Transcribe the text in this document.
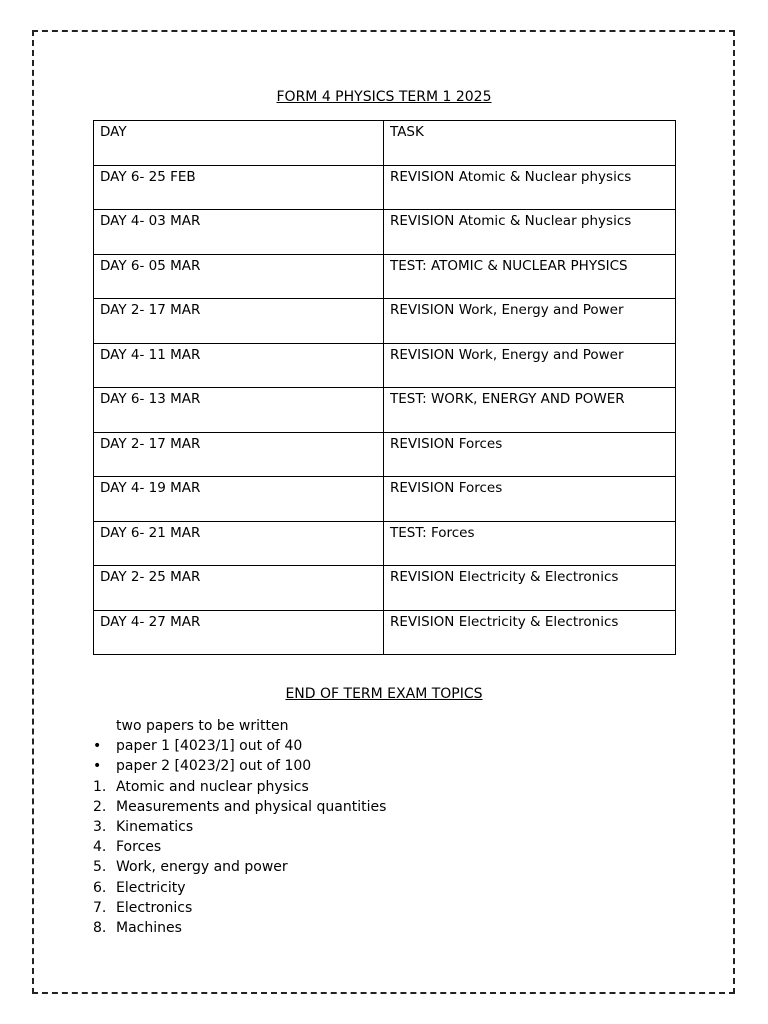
FORM 4 PHYSICS TERM 1 2025
DAY	TASK
DAY 6- 25 FEB	REVISION Atomic & Nuclear physics
DAY 4- 03 MAR	REVISION Atomic & Nuclear physics
DAY 6- 05 MAR	TEST: ATOMIC & NUCLEAR PHYSICS
DAY 2- 17 MAR	REVISION Work, Energy and Power
DAY 4- 11 MAR	REVISION Work, Energy and Power
DAY 6- 13 MAR	TEST: WORK, ENERGY AND POWER
DAY 2- 17 MAR	REVISION Forces
DAY 4- 19 MAR	REVISION Forces
DAY 6- 21 MAR	TEST: Forces
DAY 2- 25 MAR	REVISION Electricity & Electronics
DAY 4- 27 MAR	REVISION Electricity & Electronics
END OF TERM EXAM TOPICS
two papers to be written
•	paper 1 [4023/1] out of 40
•	paper 2 [4023/2] out of 100
1. Atomic and nuclear physics
2. Measurements and physical quantities
3. Kinematics
4. Forces
5. Work, energy and power
6. Electricity
7. Electronics
8. Machines
